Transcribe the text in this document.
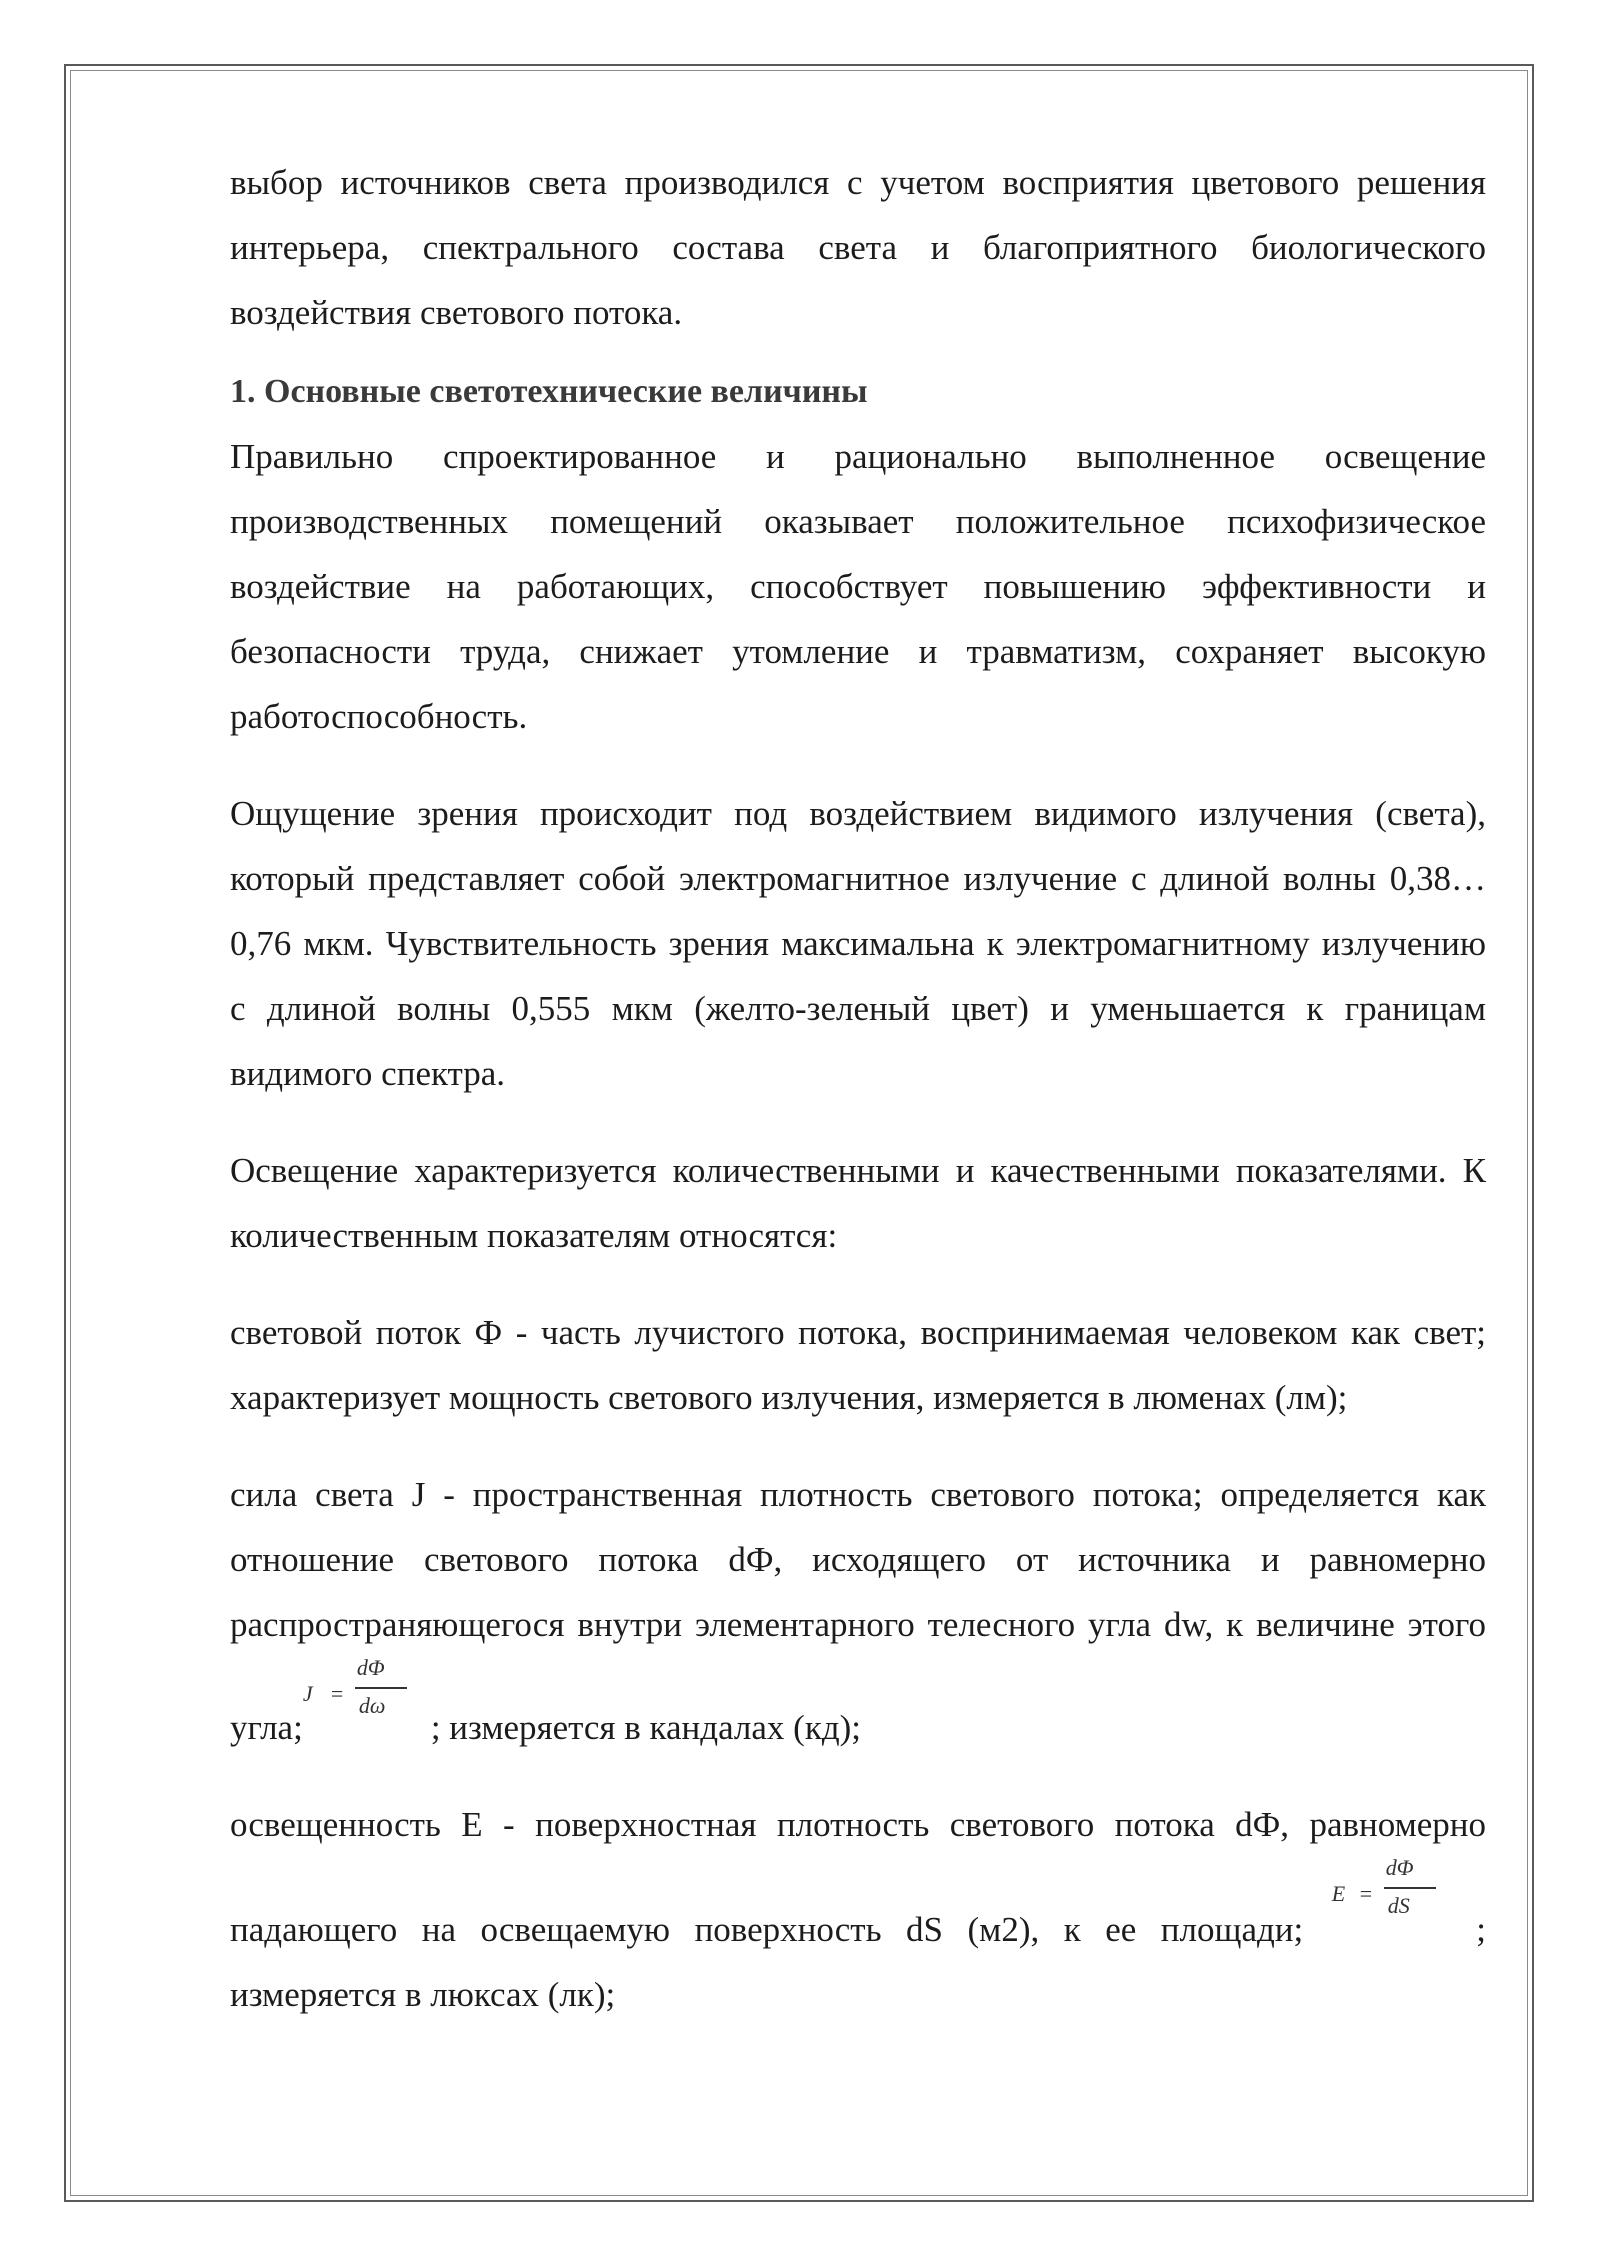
выбор источников света производился с учетом восприятия цветового решения интерьера, спектрального состава света и благоприятного биологического воздействия светового потока.

1. Основные светотехнические величины

Правильно спроектированное и рационально выполненное освещение производственных помещений оказывает положительное психофизическое воздействие на работающих, способствует повышению эффективности и безопасности труда, снижает утомление и травматизм, сохраняет высокую работоспособность.

Ощущение зрения происходит под воздействием видимого излучения (света), который представляет собой электромагнитное излучение с длиной волны 0,38…0,76 мкм. Чувствительность зрения максимальна к электромагнитному излучению с длиной волны 0,555 мкм (желто-зеленый цвет) и уменьшается к границам видимого спектра.

Освещение характеризуется количественными и качественными показателями. К количественным показателям относятся:

световой поток Ф - часть лучистого потока, воспринимаемая человеком как свет; характеризует мощность светового излучения, измеряется в люменах (лм);

сила света J - пространственная плотность светового потока; определяется как отношение светового потока dФ, исходящего от источника и равномерно распространяющегося внутри элементарного телесного угла dw, к величине этого угла;
J =
dΦ
dω
; измеряется в кандалах (кд);

освещенность Е - поверхностная плотность светового потока dФ, равномерно падающего на освещаемую поверхность dS (м2), к ее площади;
E =
dΦ
dS
; измеряется в люксах (лк);
